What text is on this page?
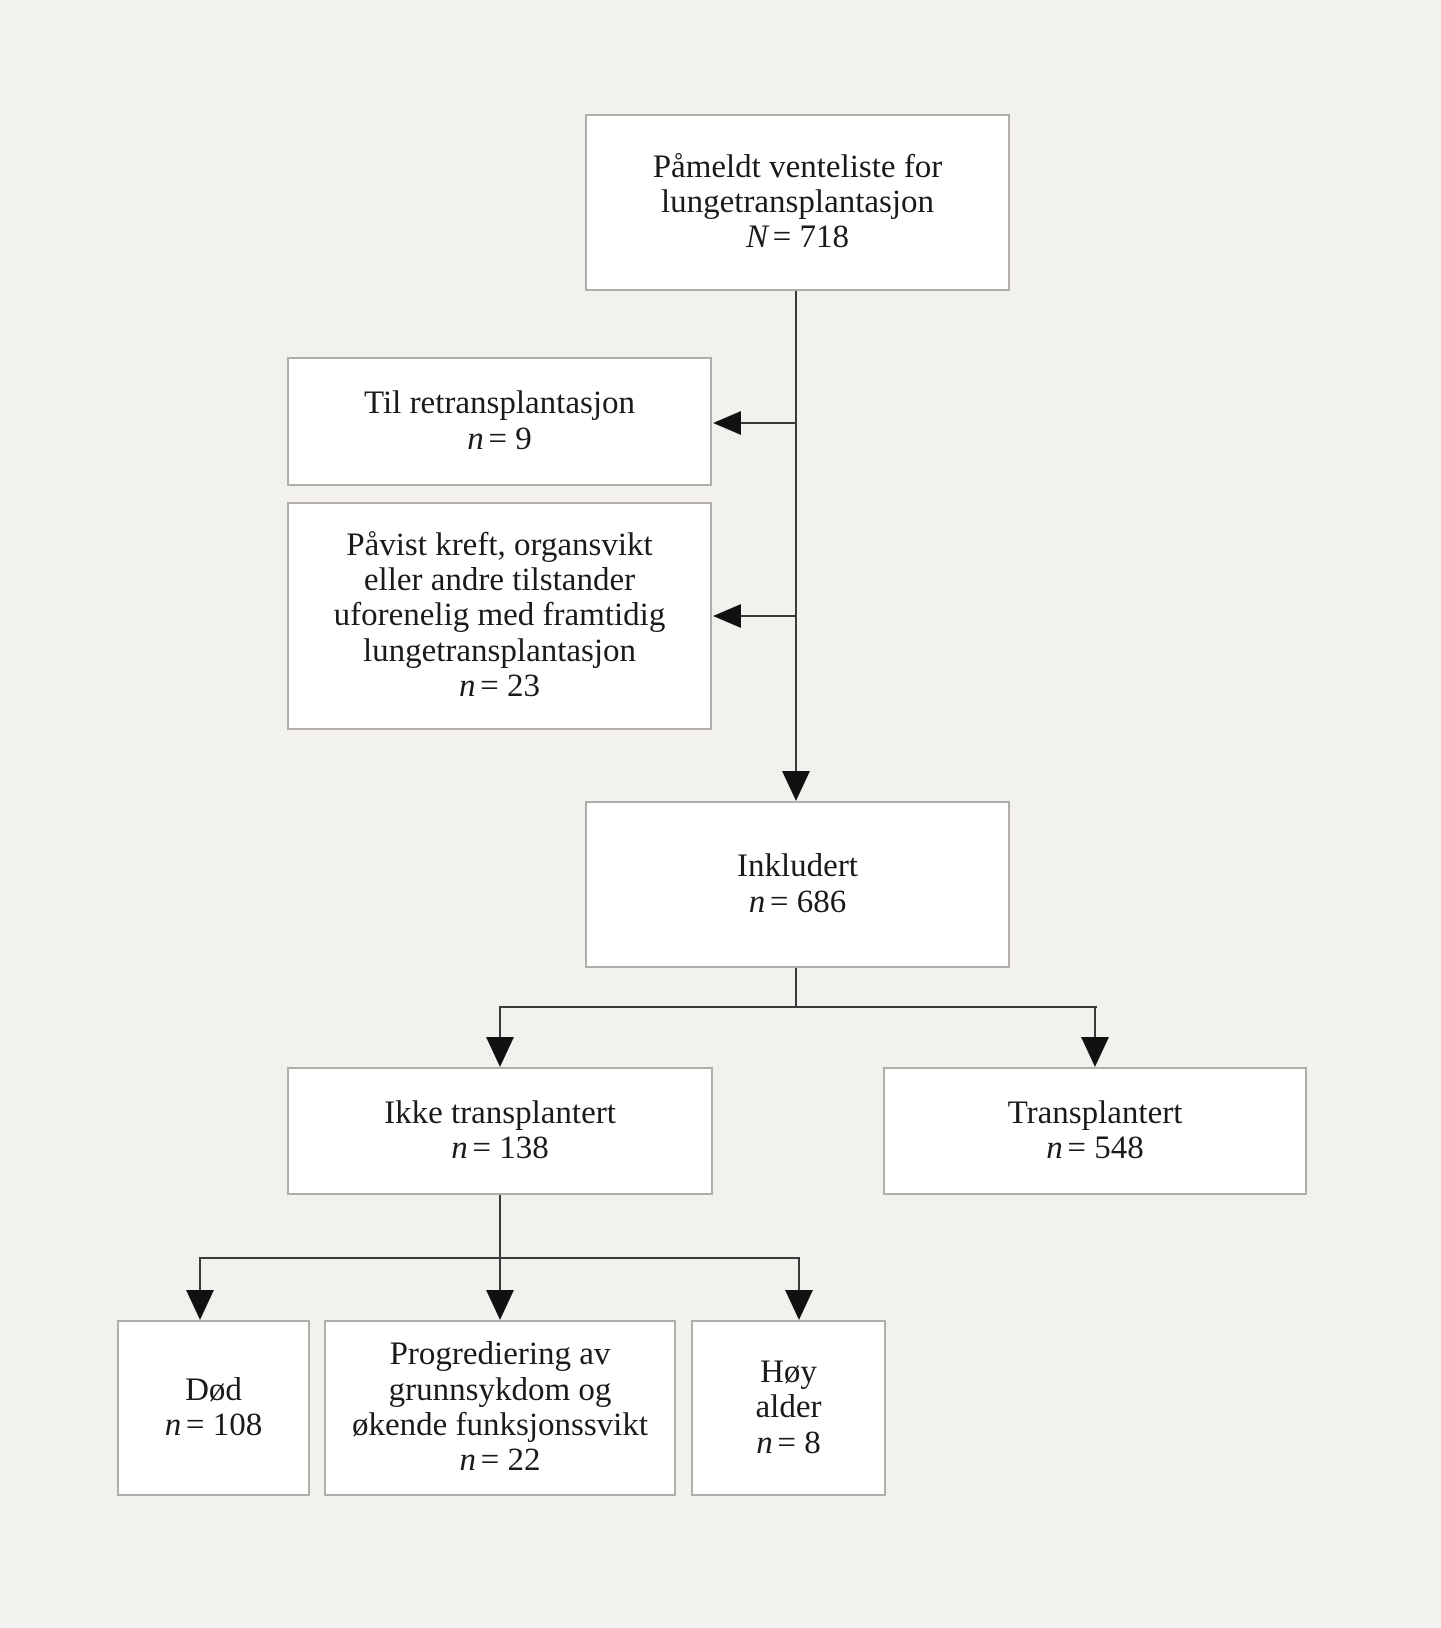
Påmeldt venteliste for
lungetransplantasjon
N = 718
Til retransplantasjon
n = 9
Påvist kreft, organsvikt
eller andre tilstander
uforenelig med framtidig
lungetransplantasjon
n = 23
Inkludert
n = 686
Ikke transplantert
n = 138
Transplantert
n = 548
Død
n = 108
Progrediering av
grunnsykdom og
økende funksjonssvikt
n = 22
Høy
alder
n = 8
